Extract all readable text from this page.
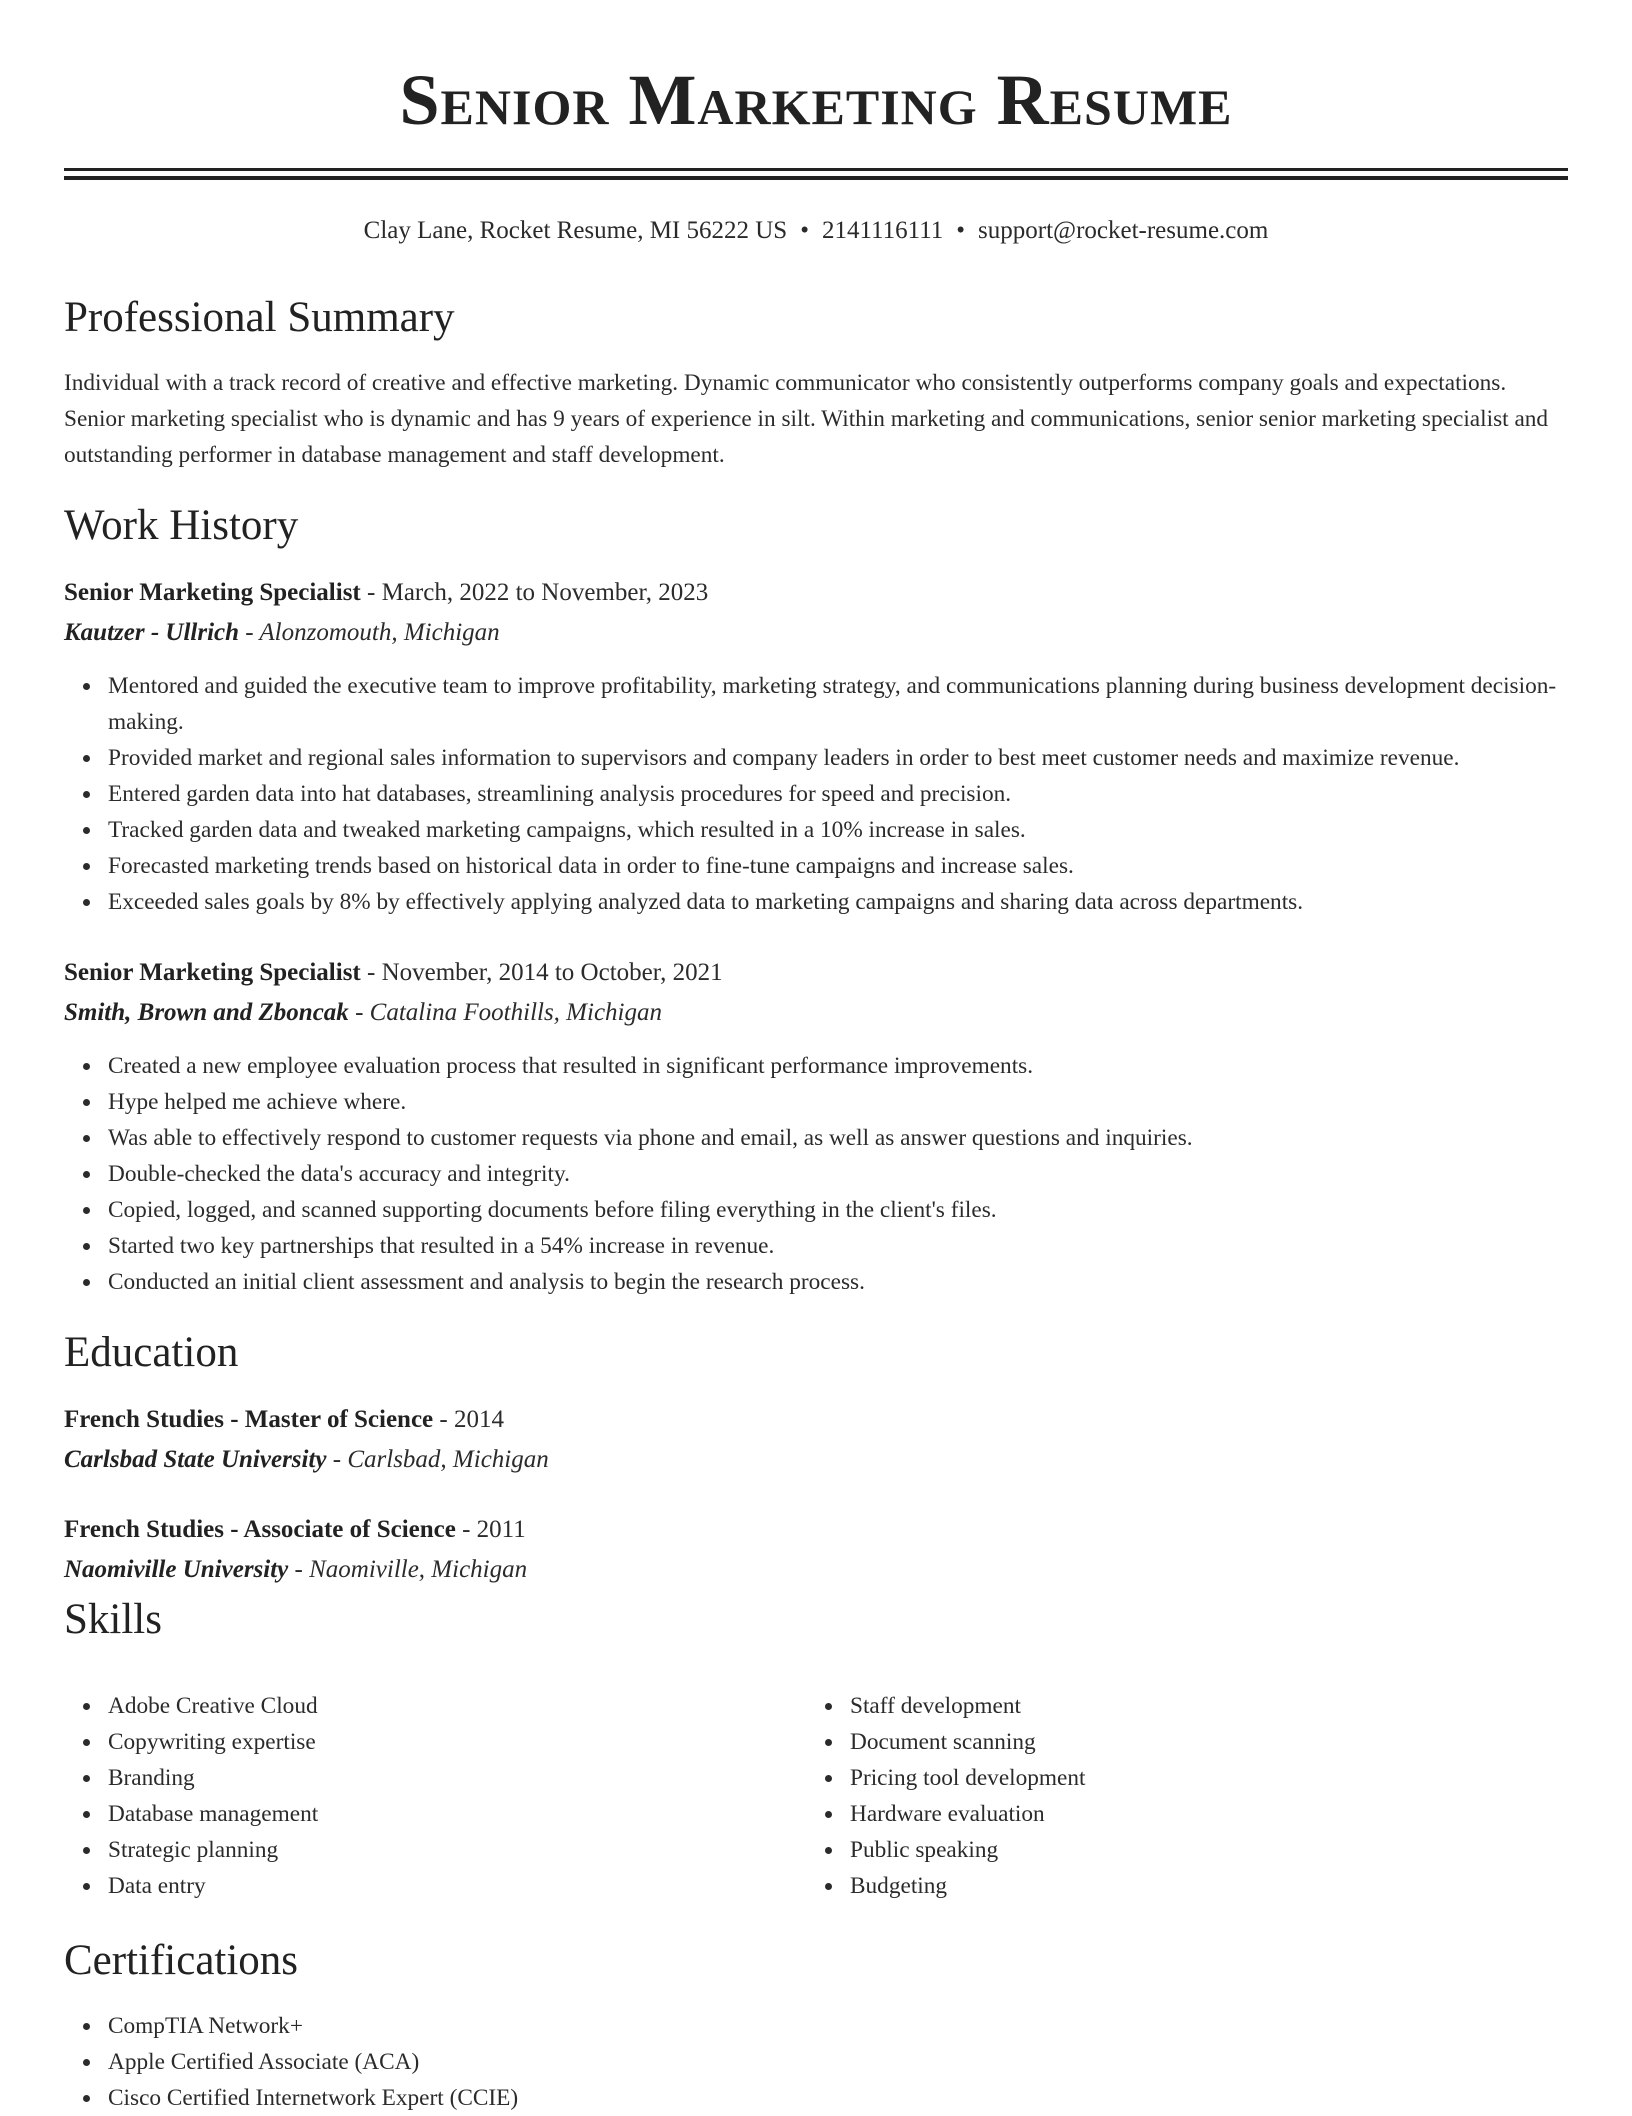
Senior Marketing Resume
Clay Lane, Rocket Resume, MI 56222 US • 2141116111 • support@rocket-resume.com
Professional Summary

Individual with a track record of creative and effective marketing. Dynamic communicator who consistently outperforms company goals and expectations. Senior marketing specialist who is dynamic and has 9 years of experience in silt. Within marketing and communications, senior senior marketing specialist and outstanding performer in database management and staff development.

Work History
Senior Marketing Specialist - March, 2022 to November, 2023
Kautzer - Ullrich - Alonzomouth, Michigan
Mentored and guided the executive team to improve profitability, marketing strategy, and communications planning during business development decision-making.
Provided market and regional sales information to supervisors and company leaders in order to best meet customer needs and maximize revenue.
Entered garden data into hat databases, streamlining analysis procedures for speed and precision.
Tracked garden data and tweaked marketing campaigns, which resulted in a 10% increase in sales.
Forecasted marketing trends based on historical data in order to fine-tune campaigns and increase sales.
Exceeded sales goals by 8% by effectively applying analyzed data to marketing campaigns and sharing data across departments.
Senior Marketing Specialist - November, 2014 to October, 2021
Smith, Brown and Zboncak - Catalina Foothills, Michigan
Created a new employee evaluation process that resulted in significant performance improvements.
Hype helped me achieve where.
Was able to effectively respond to customer requests via phone and email, as well as answer questions and inquiries.
Double-checked the data's accuracy and integrity.
Copied, logged, and scanned supporting documents before filing everything in the client's files.
Started two key partnerships that resulted in a 54% increase in revenue.
Conducted an initial client assessment and analysis to begin the research process.
Education
French Studies - Master of Science - 2014
Carlsbad State University - Carlsbad, Michigan
French Studies - Associate of Science - 2011
Naomiville University - Naomiville, Michigan
Skills
Adobe Creative Cloud
Copywriting expertise
Branding
Database management
Strategic planning
Data entry
Staff development
Document scanning
Pricing tool development
Hardware evaluation
Public speaking
Budgeting
Certifications
CompTIA Network+
Apple Certified Associate (ACA)
Cisco Certified Internetwork Expert (CCIE)
